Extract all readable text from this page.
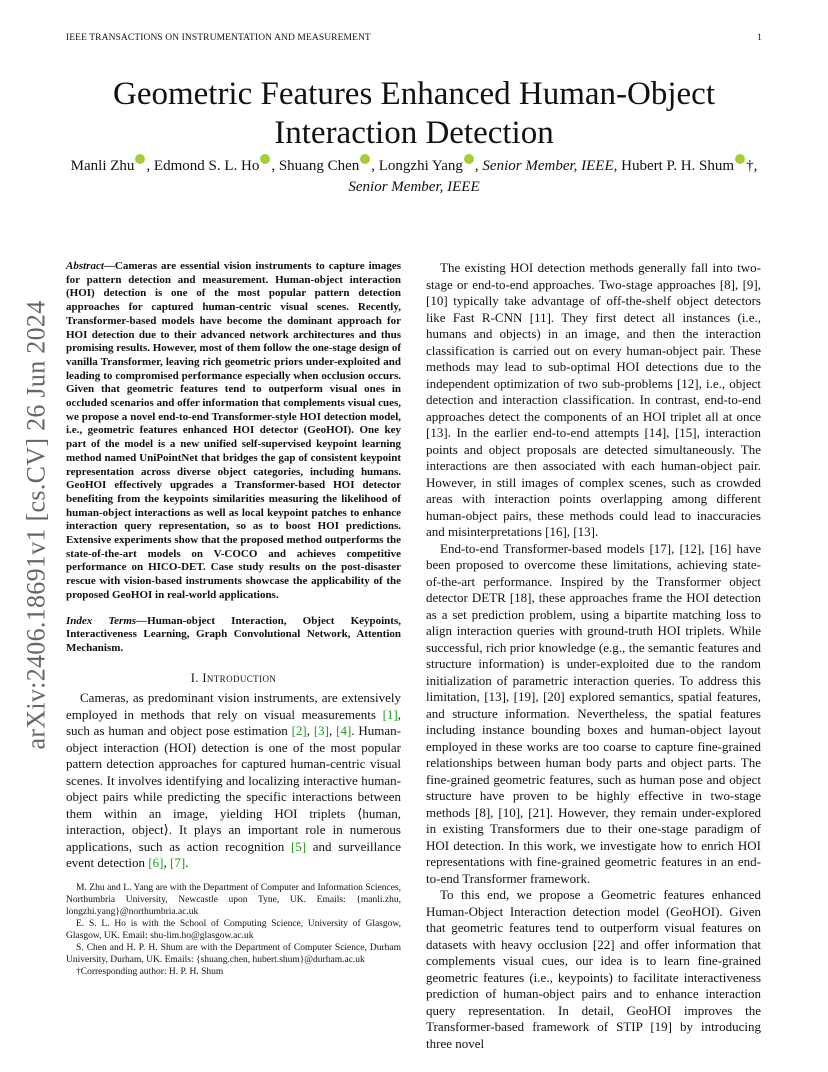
IEEE TRANSACTIONS ON INSTRUMENTATION AND MEASUREMENT	1
arXiv:2406.18691v1 [cs.CV] 26 Jun 2024
Geometric Features Enhanced Human-Object Interaction Detection
Manli Zhu , Edmond S. L. Ho , Shuang Chen , Longzhi Yang , Senior Member, IEEE, Hubert P. H. Shum †,
Senior Member, IEEE
Abstract—Cameras are essential vision instruments to capture images for pattern detection and measurement. Human-object interaction (HOI) detection is one of the most popular pattern detection approaches for captured human-centric visual scenes. Recently, Transformer-based models have become the dominant approach for HOI detection due to their advanced network architectures and thus promising results. However, most of them follow the one-stage design of vanilla Transformer, leaving rich geometric priors under-exploited and leading to compromised performance especially when occlusion occurs. Given that geometric features tend to outperform visual ones in occluded scenarios and offer information that complements visual cues, we propose a novel end-to-end Transformer-style HOI detection model, i.e., geometric features enhanced HOI detector (GeoHOI). One key part of the model is a new unified self-supervised keypoint learning method named UniPointNet that bridges the gap of consistent keypoint representation across diverse object categories, including humans. GeoHOI effectively upgrades a Transformer-based HOI detector benefiting from the keypoints similarities measuring the likelihood of human-object interactions as well as local keypoint patches to enhance interaction query representation, so as to boost HOI predictions. Extensive experiments show that the proposed method outperforms the state-of-the-art models on V-COCO and achieves competitive performance on HICO-DET. Case study results on the post-disaster rescue with vision-based instruments showcase the applicability of the proposed GeoHOI in real-world applications.
Index Terms—Human-object Interaction, Object Keypoints, Interactiveness Learning, Graph Convolutional Network, Attention Mechanism.
I. Introduction

Cameras, as predominant vision instruments, are extensively employed in methods that rely on visual measurements [1], such as human and object pose estimation [2], [3], [4]. Human-object interaction (HOI) detection is one of the most popular pattern detection approaches for captured human-centric visual scenes. It involves identifying and localizing interactive human-object pairs while predicting the specific interactions between them within an image, yielding HOI triplets ⟨human, interaction, object⟩. It plays an important role in numerous applications, such as action recognition [5] and surveillance event detection [6], [7].

M. Zhu and L. Yang are with the Department of Computer and Information Sciences, Northumbria University, Newcastle upon Tyne, UK. Emails: {manli.zhu, longzhi.yang}@northumbria.ac.uk

E. S. L. Ho is with the School of Computing Science, University of Glasgow, Glasgow, UK. Email: shu-lim.ho@glasgow.ac.uk

S. Chen and H. P. H. Shum are with the Department of Computer Science, Durham University, Durham, UK. Emails: {shuang.chen, hubert.shum}@durham.ac.uk

†Corresponding author: H. P. H. Shum

The existing HOI detection methods generally fall into two-stage or end-to-end approaches. Two-stage approaches [8], [9], [10] typically take advantage of off-the-shelf object detectors like Fast R-CNN [11]. They first detect all instances (i.e., humans and objects) in an image, and then the interaction classification is carried out on every human-object pair. These methods may lead to sub-optimal HOI detections due to the independent optimization of two sub-problems [12], i.e., object detection and interaction classification. In contrast, end-to-end approaches detect the components of an HOI triplet all at once [13]. In the earlier end-to-end attempts [14], [15], interaction points and object proposals are detected simultaneously. The interactions are then associated with each human-object pair. However, in still images of complex scenes, such as crowded areas with interaction points overlapping among different human-object pairs, these methods could lead to inaccuracies and misinterpretations [16], [13].

End-to-end Transformer-based models [17], [12], [16] have been proposed to overcome these limitations, achieving state-of-the-art performance. Inspired by the Transformer object detector DETR [18], these approaches frame the HOI detection as a set prediction problem, using a bipartite matching loss to align interaction queries with ground-truth HOI triplets. While successful, rich prior knowledge (e.g., the semantic features and structure information) is under-exploited due to the random initialization of parametric interaction queries. To address this limitation, [13], [19], [20] explored semantics, spatial features, and structure information. Nevertheless, the spatial features including instance bounding boxes and human-object layout employed in these works are too coarse to capture fine-grained relationships between human body parts and object parts. The fine-grained geometric features, such as human pose and object structure have proven to be highly effective in two-stage methods [8], [10], [21]. However, they remain under-explored in existing Transformers due to their one-stage paradigm of HOI detection. In this work, we investigate how to enrich HOI representations with fine-grained geometric features in an end-to-end Transformer framework.

To this end, we propose a Geometric features enhanced Human-Object Interaction detection model (GeoHOI). Given that geometric features tend to outperform visual features on datasets with heavy occlusion [22] and offer information that complements visual cues, our idea is to learn fine-grained geometric features (i.e., keypoints) to facilitate interactiveness prediction of human-object pairs and to enhance interaction query representation. In detail, GeoHOI improves the Transformer-based framework of STIP [19] by introducing three novel
